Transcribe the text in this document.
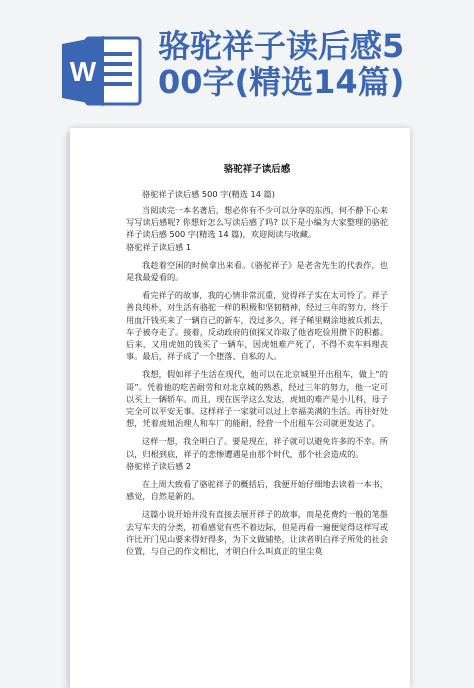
W
骆驼祥子读后感5
00字(精选14篇)
骆驼祥子读后感
骆驼祥子读后感 500 字(精选 14 篇)

当阅读完一本名著后，想必你有不少可以分享的东西，何不静下心来写写读后感呢? 你想好怎么写读后感了吗? 以下是小编为大家整理的骆驼祥子读后感 500 字(精选 14 篇)，欢迎阅读与收藏。

骆驼祥子读后感 1

我趁着空闲的时候拿出来看。《骆驼祥子》是老舍先生的代表作，也是我最爱看的。

看完祥子的故事，我的心情非常沉重，觉得祥子实在太可怜了。祥子善良纯朴，对生活有骆驼一样的积极和坚韧精神，经过三年的努力，终于用血汗钱买来了一辆自己的新车，没过多久，祥子稀里糊涂地被兵抓去，车子被夺走了。接着，反动政府的侦探又诈取了他省吃俭用攒下的积蓄。后来，又用虎妞的钱买了一辆车，因虎妞难产死了，不得不卖车料理丧事。最后，祥子成了一个堕落、自私的人。

我想，假如祥子生活在现代，他可以在北京城里开出租车，做上“的哥”。凭着他的吃苦耐劳和对北京城的熟悉，经过三年的努力，他一定可以买上一辆轿车。而且，现在医学这么发达，虎妞的难产是小儿科，母子完全可以平安无事。这样祥子一家就可以过上幸福美满的生活。再往好处想，凭着虎妞治理人和车厂的能耐，经营一个出租车公司就更发达了。

这样一想，我全明白了。要是现在，祥子就可以避免许多的不幸。所以，归根到底，祥子的悲惨遭遇是由那个时代，那个社会造成的。

骆驼祥子读后感 2

在上周大致看了骆驼祥子的概括后，我便开始仔细地去读着一本书，感觉，自然是新的。

这篇小说开始并没有直接去展开祥子的故事，而是花费约一般的笔墨去写车夫的分类，初看感觉有些不着边际，但是再看一遍便觉得这样写或许比开门见山要来得好得多，为下文做铺垫，让读者明白祥子所处的社会位置，与自己的作文相比，才明白什么叫真正的里尘莫
